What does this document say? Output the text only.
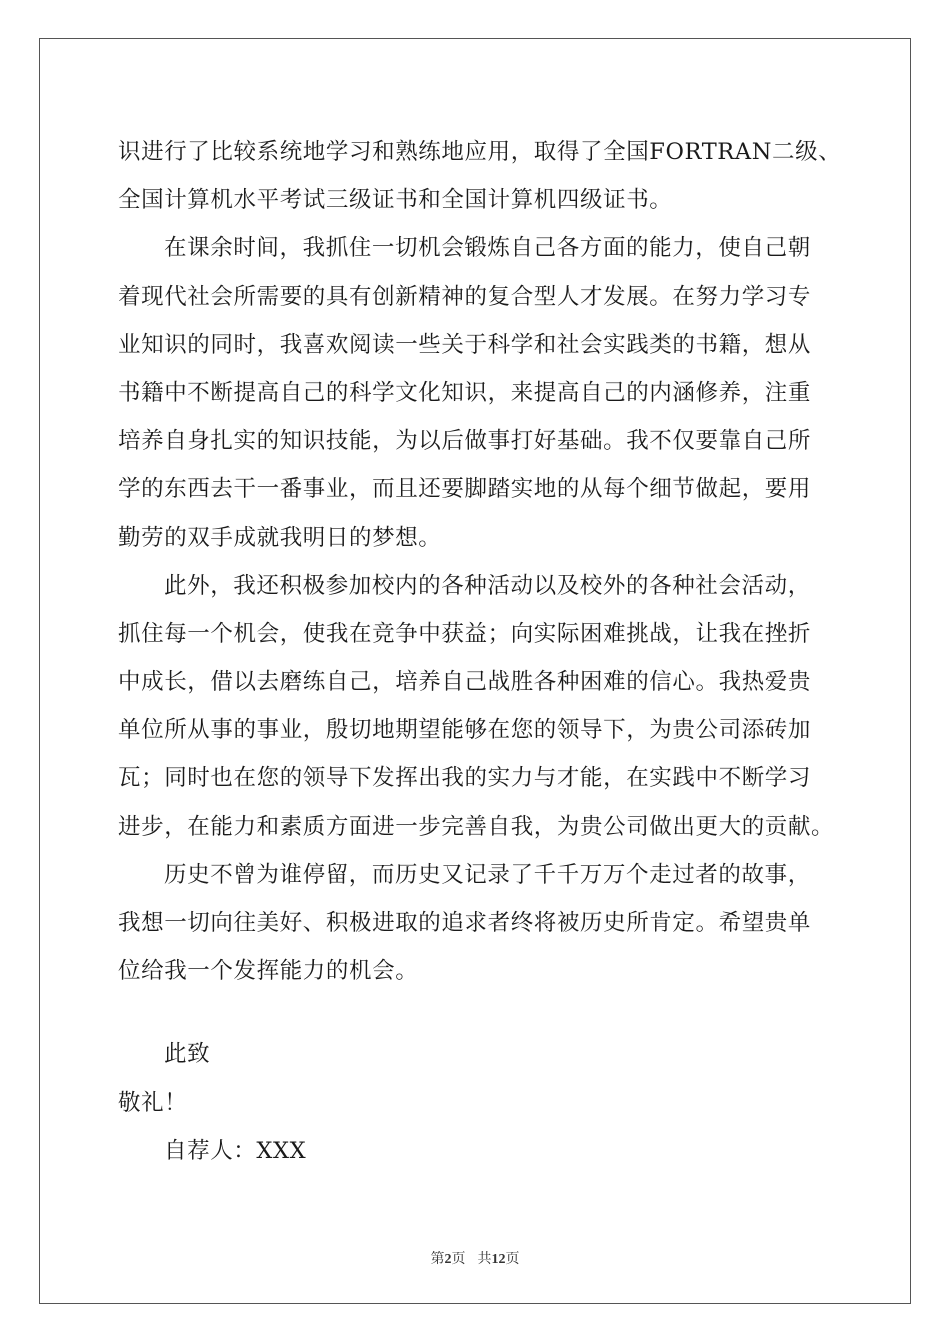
识进行了比较系统地学习和熟练地应用，取得了全国FORTRAN二级、
全国计算机水平考试三级证书和全国计算机四级证书。
在课余时间，我抓住一切机会锻炼自己各方面的能力，使自己朝
着现代社会所需要的具有创新精神的复合型人才发展。在努力学习专
业知识的同时，我喜欢阅读一些关于科学和社会实践类的书籍，想从
书籍中不断提高自己的科学文化知识，来提高自己的内涵修养，注重
培养自身扎实的知识技能，为以后做事打好基础。我不仅要靠自己所
学的东西去干一番事业，而且还要脚踏实地的从每个细节做起，要用
勤劳的双手成就我明日的梦想。
此外，我还积极参加校内的各种活动以及校外的各种社会活动，
抓住每一个机会，使我在竞争中获益；向实际困难挑战，让我在挫折
中成长，借以去磨练自己，培养自己战胜各种困难的信心。我热爱贵
单位所从事的事业，殷切地期望能够在您的领导下，为贵公司添砖加
瓦；同时也在您的领导下发挥出我的实力与才能，在实践中不断学习
进步，在能力和素质方面进一步完善自我，为贵公司做出更大的贡献。
历史不曾为谁停留，而历史又记录了千千万万个走过者的故事，
我想一切向往美好、积极进取的追求者终将被历史所肯定。希望贵单
位给我一个发挥能力的机会。
此致
敬礼！
自荐人：XXX
第2页 共12页
